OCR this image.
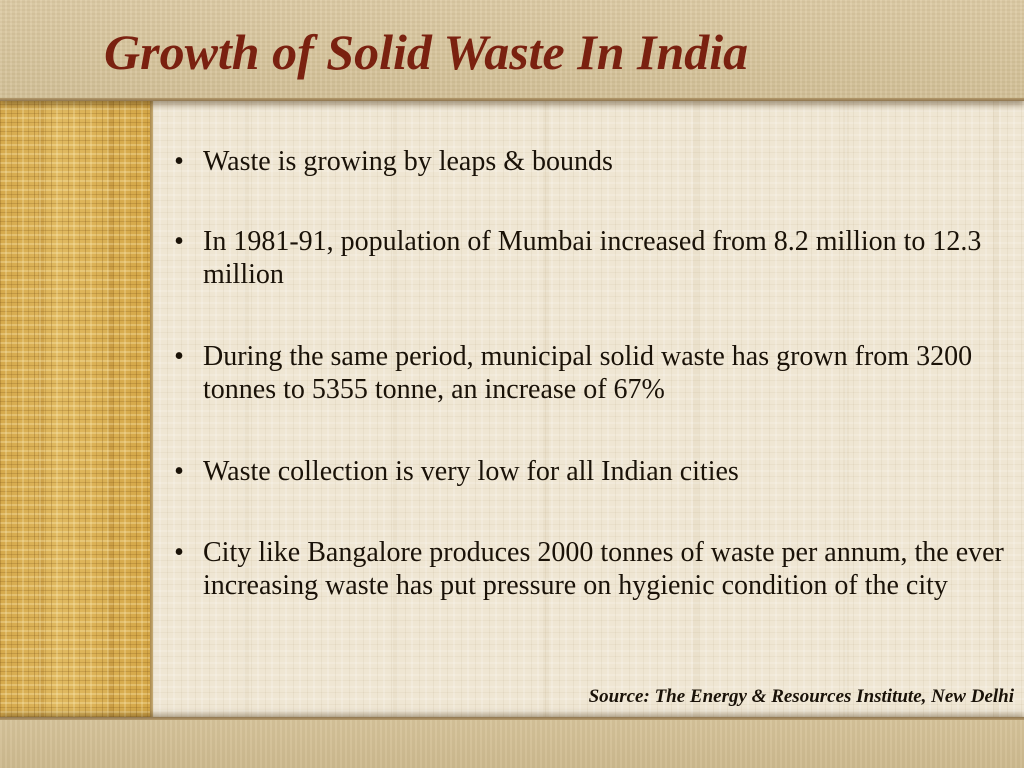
Growth of Solid Waste In India
• Waste is growing by leaps & bounds
• In 1981-91, population of Mumbai increased from 8.2 million to 12.3 million
• During the same period, municipal solid waste has grown from 3200 tonnes to 5355 tonne, an increase of 67%
• Waste collection is very low for all Indian cities
• City like Bangalore produces 2000 tonnes of waste per annum, the ever increasing waste has put pressure on hygienic condition of the city

Source: The Energy & Resources Institute, New Delhi
